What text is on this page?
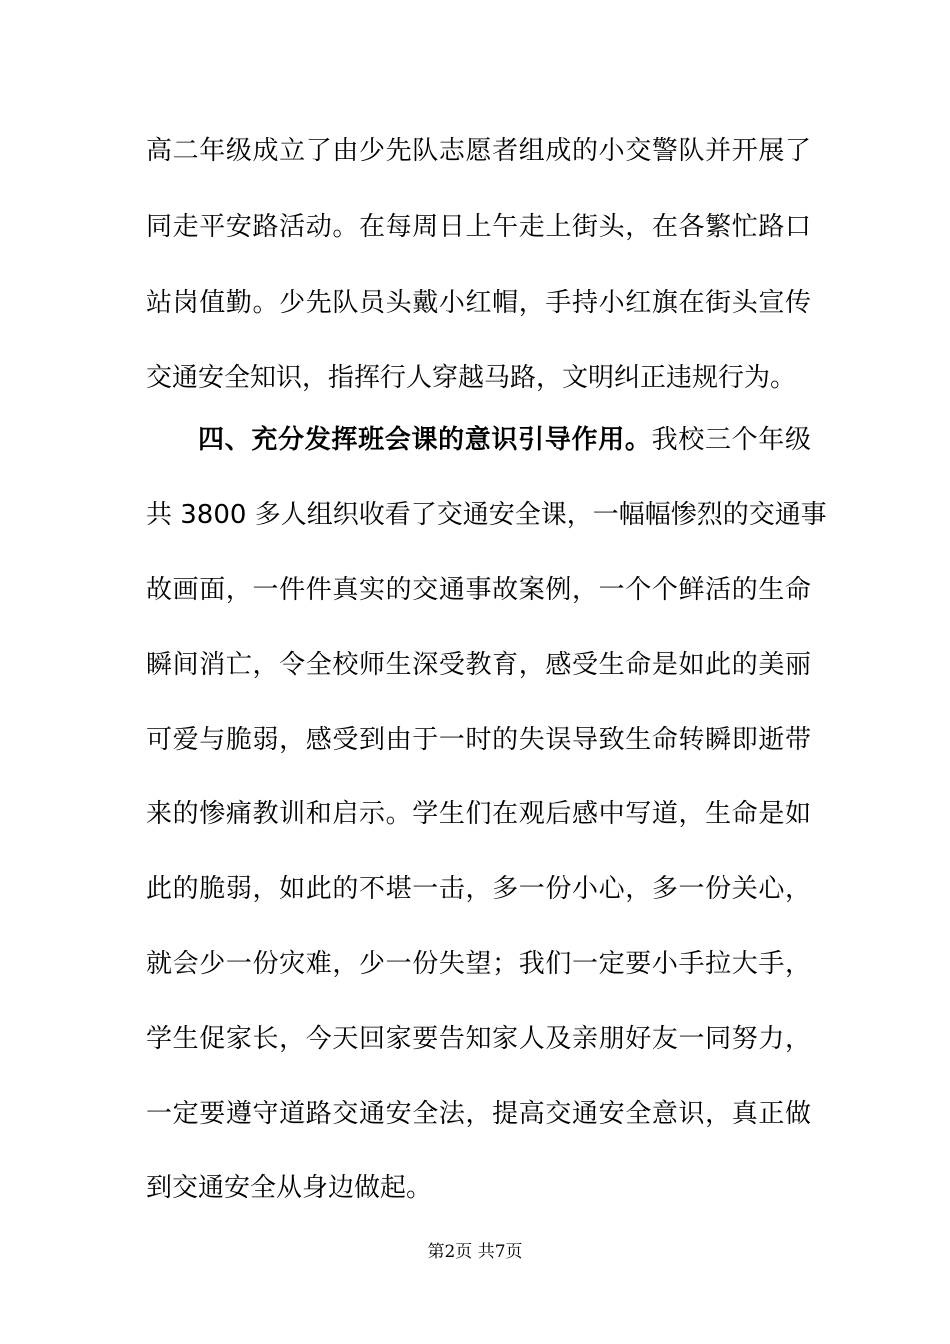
高二年级成立了由少先队志愿者组成的小交警队并开展了
同走平安路活动。在每周日上午走上街头，在各繁忙路口
站岗值勤。少先队员头戴小红帽，手持小红旗在街头宣传
交通安全知识，指挥行人穿越马路，文明纠正违规行为。
四、充分发挥班会课的意识引导作用。我校三个年级
共 3800 多人组织收看了交通安全课，一幅幅惨烈的交通事
故画面，一件件真实的交通事故案例，一个个鲜活的生命
瞬间消亡，令全校师生深受教育，感受生命是如此的美丽
可爱与脆弱，感受到由于一时的失误导致生命转瞬即逝带
来的惨痛教训和启示。学生们在观后感中写道，生命是如
此的脆弱，如此的不堪一击，多一份小心，多一份关心，
就会少一份灾难，少一份失望；我们一定要小手拉大手，
学生促家长，今天回家要告知家人及亲朋好友一同努力，
一定要遵守道路交通安全法，提高交通安全意识，真正做
到交通安全从身边做起。
第2页 共7页
